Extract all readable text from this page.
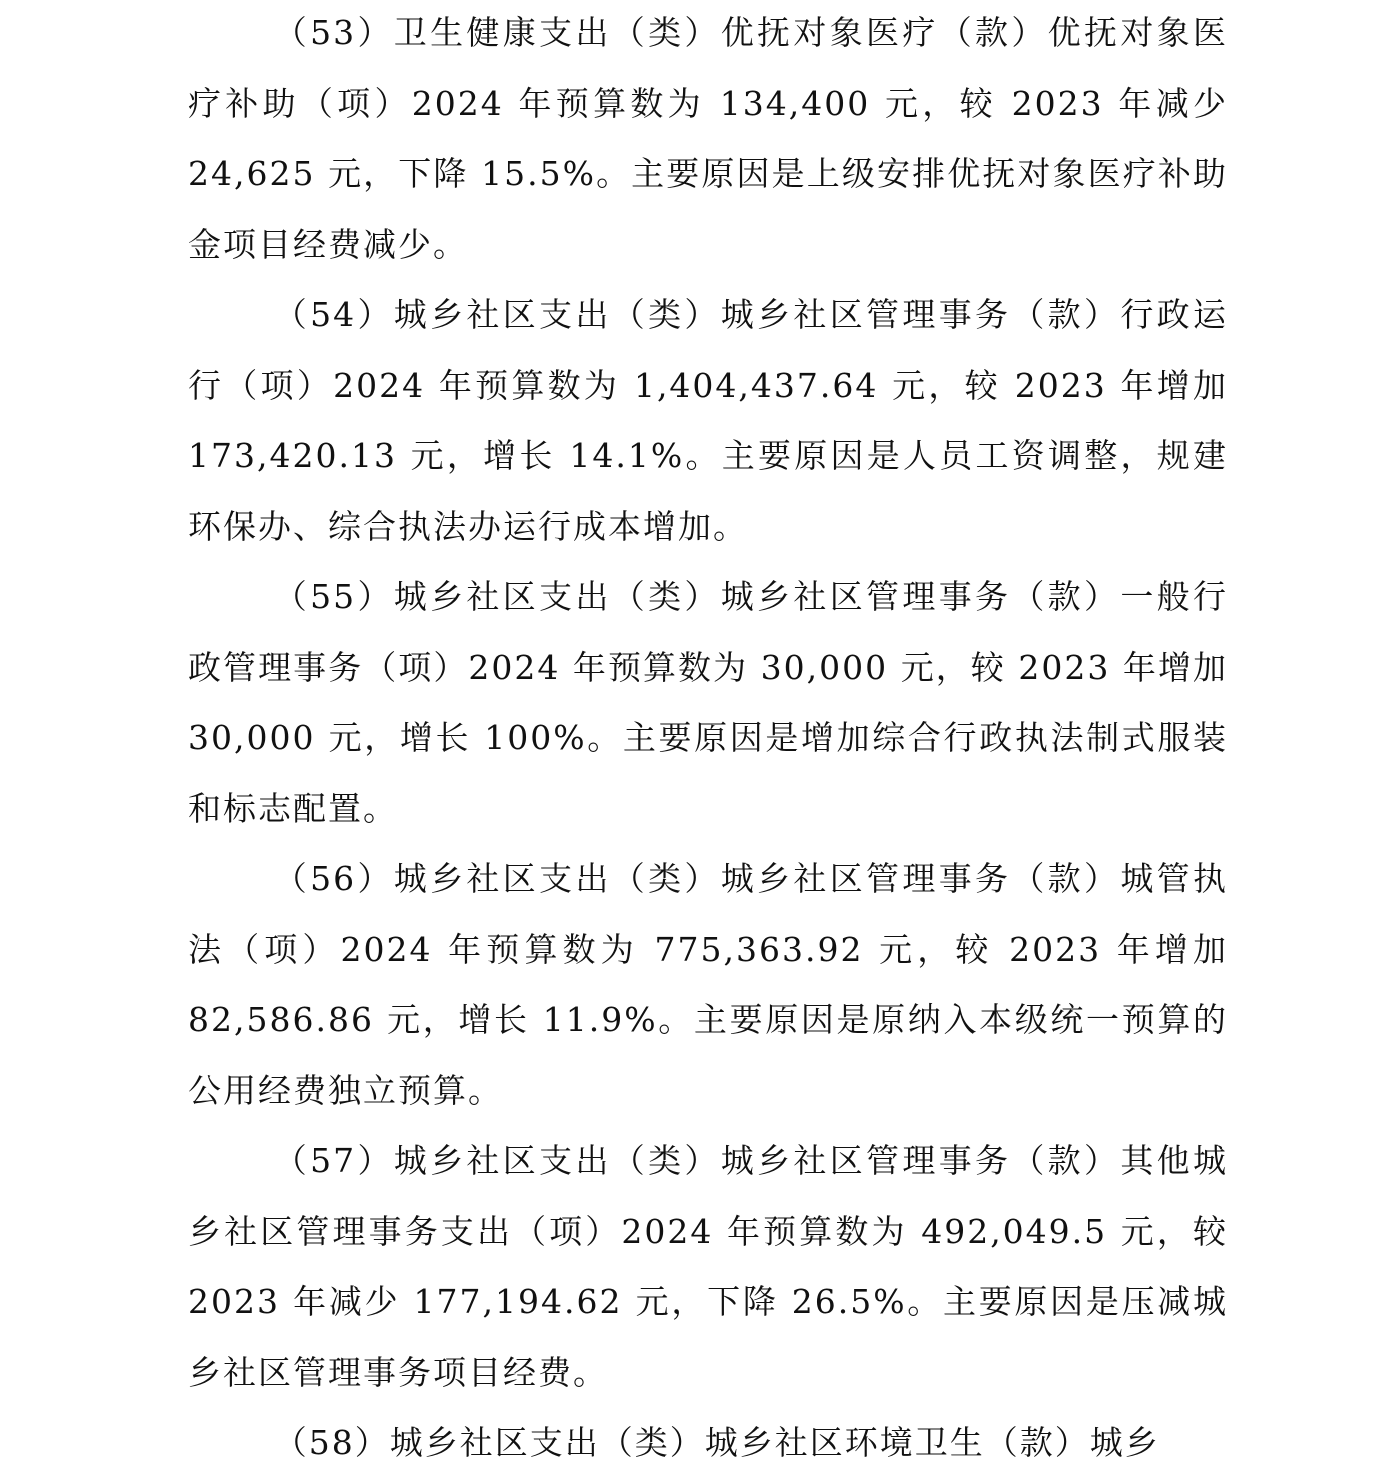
（53）卫生健康支出（类）优抚对象医疗（款）优抚对象医疗补助（项）2024 年预算数为 134,400 元，较 2023 年减少 24,625 元，下降 15.5%。主要原因是上级安排优抚对象医疗补助金项目经费减少。

（54）城乡社区支出（类）城乡社区管理事务（款）行政运行（项）2024 年预算数为 1,404,437.64 元，较 2023 年增加 173,420.13 元，增长 14.1%。主要原因是人员工资调整，规建环保办、综合执法办运行成本增加。

（55）城乡社区支出（类）城乡社区管理事务（款）一般行政管理事务（项）2024 年预算数为 30,000 元，较 2023 年增加 30,000 元，增长 100%。主要原因是增加综合行政执法制式服装和标志配置。

（56）城乡社区支出（类）城乡社区管理事务（款）城管执法（项）2024 年预算数为 775,363.92 元，较 2023 年增加 82,586.86 元，增长 11.9%。主要原因是原纳入本级统一预算的公用经费独立预算。

（57）城乡社区支出（类）城乡社区管理事务（款）其他城乡社区管理事务支出（项）2024 年预算数为 492,049.5 元，较 2023 年减少 177,194.62 元，下降 26.5%。主要原因是压减城乡社区管理事务项目经费。

（58）城乡社区支出（类）城乡社区环境卫生（款）城乡
